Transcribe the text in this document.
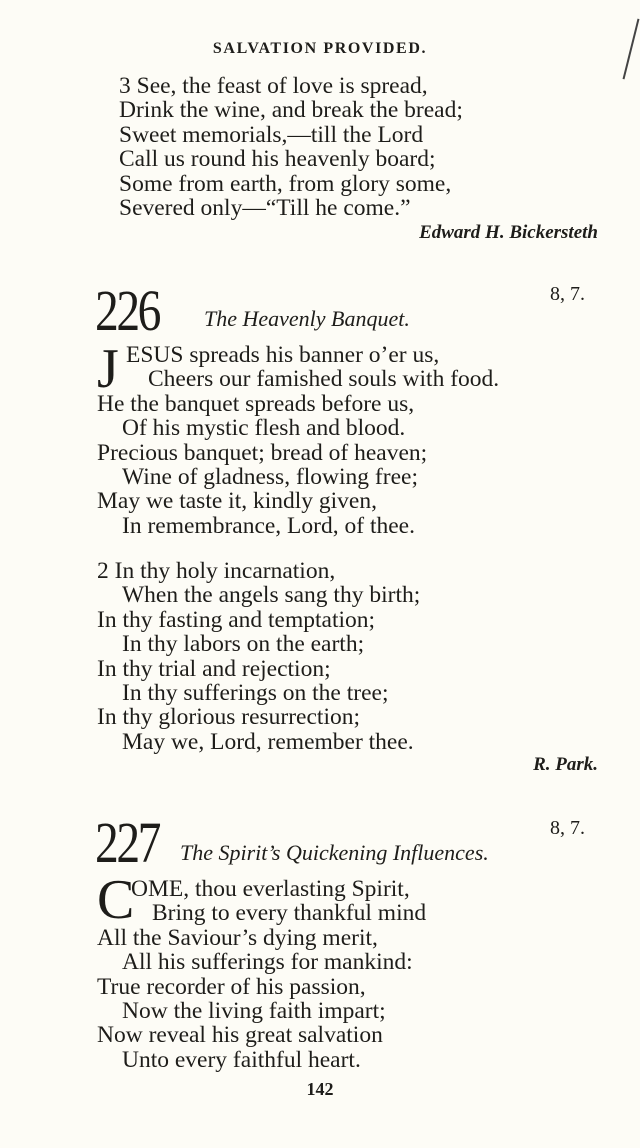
SALVATION PROVIDED.
3 See, the feast of love is spread,
Drink the wine, and break the bread;
Sweet memorials,—till the Lord
Call us round his heavenly board;
Some from earth, from glory some,
Severed only—“Till he come.”
Edward H. Bickersteth
226	8, 7.
The Heavenly Banquet.
J ESUS spreads his banner o’er us,
Cheers our famished souls with food.
He the banquet spreads before us,
Of his mystic flesh and blood.
Precious banquet; bread of heaven;
Wine of gladness, flowing free;
May we taste it, kindly given,
In remembrance, Lord, of thee.
2 In thy holy incarnation,
When the angels sang thy birth;
In thy fasting and temptation;
In thy labors on the earth;
In thy trial and rejection;
In thy sufferings on the tree;
In thy glorious resurrection;
May we, Lord, remember thee.
R. Park.
227	8, 7.
The Spirit’s Quickening Influences.
C
OME, thou everlasting Spirit,
Bring to every thankful mind
All the Saviour’s dying merit,
All his sufferings for mankind:
True recorder of his passion,
Now the living faith impart;
Now reveal his great salvation
Unto every faithful heart.
142
